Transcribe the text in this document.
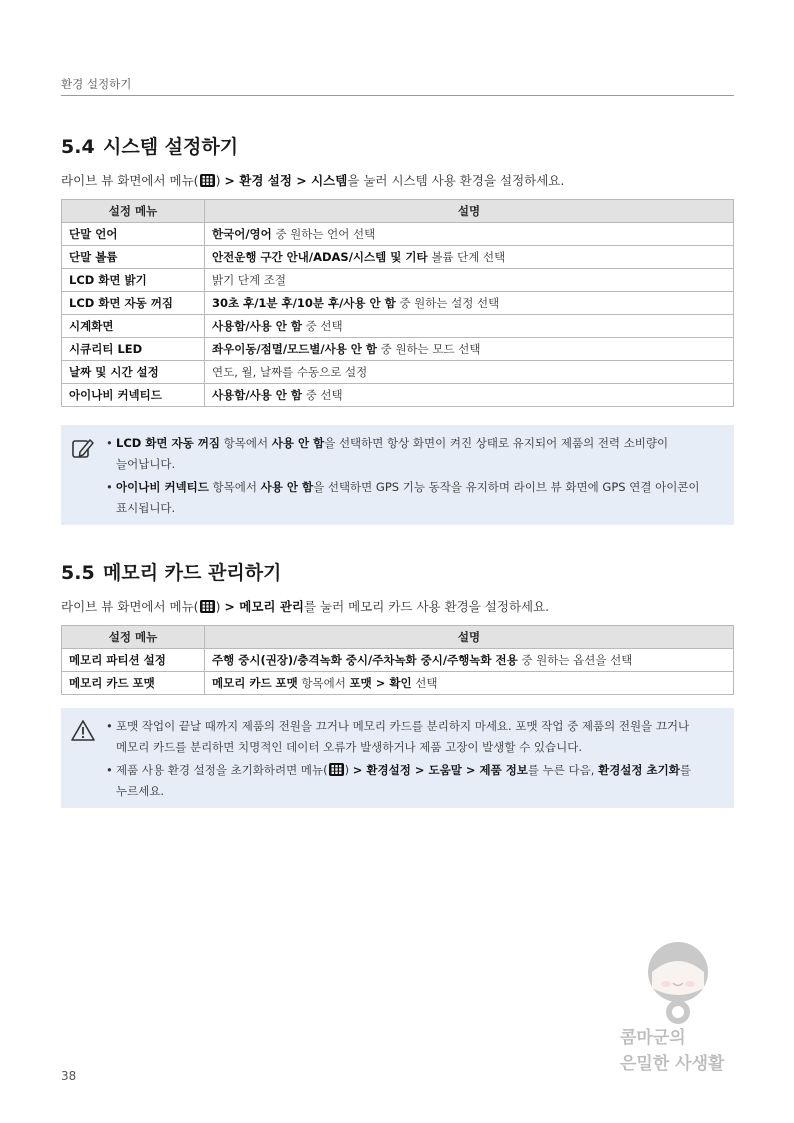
환경 설정하기
5.4 시스템 설정하기
라이브 뷰 화면에서 메뉴( ) > 환경 설정 > 시스템을 눌러 시스템 사용 환경을 설정하세요.
설정 메뉴	설명
단말 언어	한국어/영어 중 원하는 언어 선택
단말 볼륨	안전운행 구간 안내/ADAS/시스템 및 기타 볼륨 단계 선택
LCD 화면 밝기	밝기 단계 조절
LCD 화면 자동 꺼짐	30초 후/1분 후/10분 후/사용 안 함 중 원하는 설정 선택
시계화면	사용함/사용 안 함 중 선택
시큐리티 LED	좌우이동/점멸/모드별/사용 안 함 중 원하는 모드 선택
날짜 및 시간 설정	연도, 월, 날짜를 수동으로 설정
아이나비 커넥티드	사용함/사용 안 함 중 선택
• LCD 화면 자동 꺼짐 항목에서 사용 안 함을 선택하면 항상 화면이 켜진 상태로 유지되어 제품의 전력 소비량이
늘어납니다.
• 아이나비 커넥티드 항목에서 사용 안 함을 선택하면 GPS 기능 동작을 유지하며 라이브 뷰 화면에 GPS 연결 아이콘이
표시됩니다.
5.5 메모리 카드 관리하기
라이브 뷰 화면에서 메뉴( ) > 메모리 관리를 눌러 메모리 카드 사용 환경을 설정하세요.
설정 메뉴	설명
메모리 파티션 설정	주행 중시(권장)/충격녹화 중시/주차녹화 중시/주행녹화 전용 중 원하는 옵션을 선택
메모리 카드 포맷	메모리 카드 포맷 항목에서 포맷 > 확인 선택
• 포맷 작업이 끝날 때까지 제품의 전원을 끄거나 메모리 카드를 분리하지 마세요. 포맷 작업 중 제품의 전원을 끄거나
메모리 카드를 분리하면 치명적인 데이터 오류가 발생하거나 제품 고장이 발생할 수 있습니다.
• 제품 사용 환경 설정을 초기화하려면 메뉴( ) > 환경설정 > 도움말 > 제품 정보를 누른 다음, 환경설정 초기화를
누르세요.
콤마군의
은밀한 사생활
38
